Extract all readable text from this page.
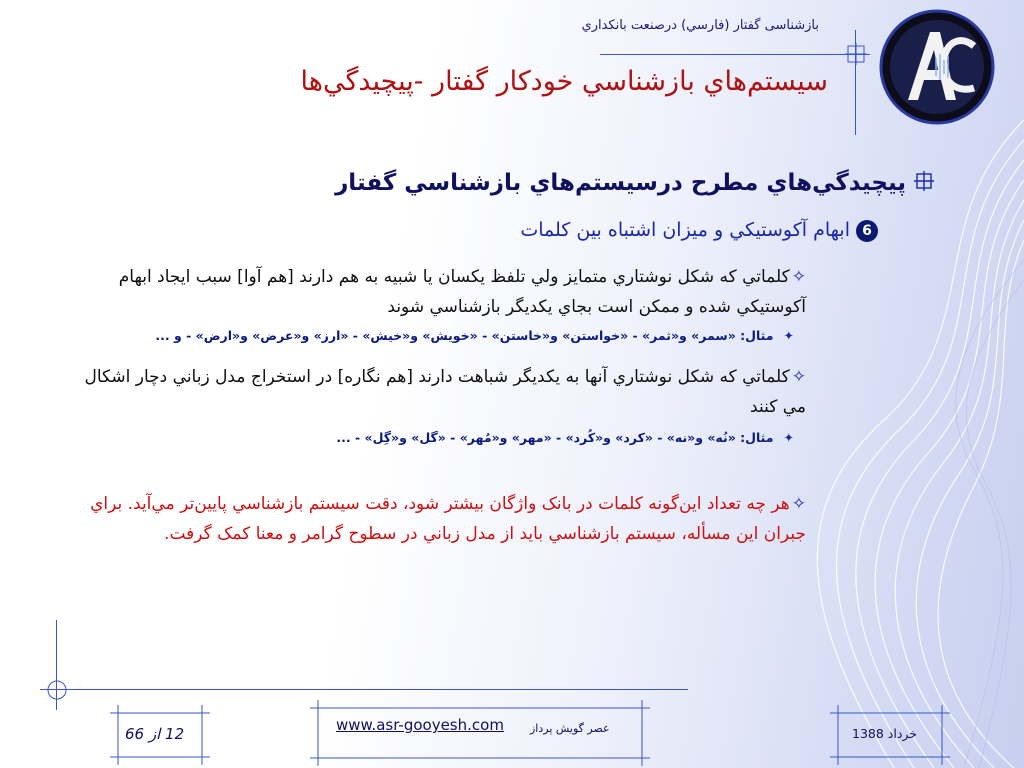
بازشناسی گفتار (فارسي) درصنعت بانكداري
سيستم‌هاي بازشناسي خودكار گفتار -پيچيدگي‌ها
پيچيدگي‌هاي مطرح درسيستم‌هاي بازشناسي گفتار
6ابهام آكوستيكي و ميزان اشتباه بين كلمات
✧كلماتي كه شكل نوشتاري متمايز ولي تلفظ يكسان يا شبيه به هم دارند [هم آوا] سبب ايجاد ابهام آكوستيكي شده و ممكن است بجاي يكديگر بازشناسي شوند
✦مثال: «سمر» و«ثمر» - «خواستن» و«خاستن» - «خويش» و«خيش» - «ارز» و«عرض» و«ارض» - و ...
✧كلماتي كه شكل نوشتاري آنها به يكديگر شباهت دارند [هم نگاره] در استخراج مدل زباني دچار اشكال مي كنند
✦مثال: «نُه» و«نه» - «كرد» و«كُرد» - «مهر» و«مُهر» - «گل» و«گِل» - ...
✧هر چه تعداد اين‌گونه كلمات در بانک واژگان بيشتر شود، دقت سيستم بازشناسي پايين‌تر مي‌آيد. براي جبران اين مسأله، سيستم بازشناسي بايد از مدل زباني در سطوح گرامر و معنا كمک گرفت.
12 از 66	www.asr-gooyesh.com عصر گويش پرداز	خرداد 1388
